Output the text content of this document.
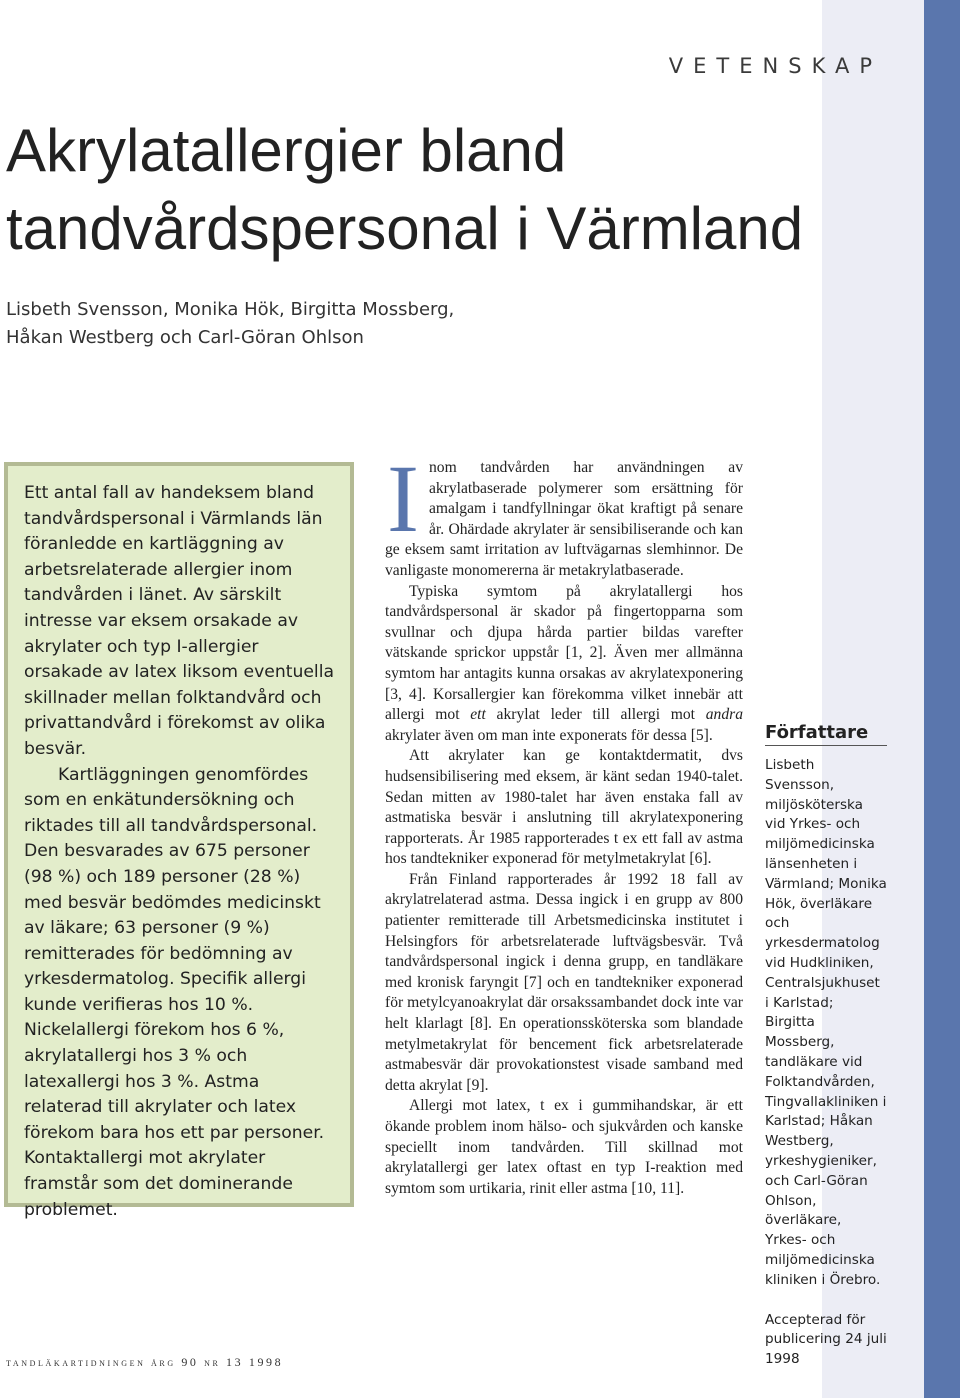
VETENSKAP
Akrylatallergier bland
tandvårdspersonal i Värmland
Lisbeth Svensson, Monika Hök, Birgitta Mossberg,
Håkan Westberg och Carl-Göran Ohlson

Ett antal fall av handeksem bland tandvårdspersonal i Värmlands län föranledde en kartläggning av arbetsrelaterade allergier inom tandvården i länet. Av särskilt intresse var eksem orsakade av akrylater och typ I-allergier orsakade av latex liksom eventuella skillnader mellan folktandvård och privattandvård i förekomst av olika besvär.

Kartläggningen genomfördes som en enkätundersökning och riktades till all tandvårdspersonal. Den besvarades av 675 personer (98 %) och 189 personer (28 %) med besvär bedömdes medicinskt av läkare; 63 personer (9 %) remitterades för bedömning av yrkesdermatolog. Specifik allergi kunde verifieras hos 10 %. Nickelallergi förekom hos 6 %, akrylatallergi hos 3 % och latexallergi hos 3 %. Astma relaterad till akrylater och latex förekom bara hos ett par personer. Kontaktallergi mot akrylater framstår som det dominerande problemet.

Inom tandvården har användningen av akrylatbaserade polymerer som ersättning för amalgam i tandfyllningar ökat kraftigt på senare år. Ohärdade akrylater är sensibiliserande och kan ge eksem samt irritation av luftvägarnas slemhinnor. De vanligaste monomererna är metakrylatbaserade.

Typiska symtom på akrylatallergi hos tandvårdspersonal är skador på fingertopparna som svullnar och djupa hårda partier bildas varefter vätskande sprickor uppstår [1, 2]. Även mer allmänna symtom har antagits kunna orsakas av akrylatexponering [3, 4]. Korsallergier kan förekomma vilket innebär att allergi mot ett akrylat leder till allergi mot andra akrylater även om man inte exponerats för dessa [5].

Att akrylater kan ge kontaktdermatit, dvs hudsensibilisering med eksem, är känt sedan 1940-talet. Sedan mitten av 1980-talet har även enstaka fall av astmatiska besvär i anslutning till akrylatexponering rapporterats. År 1985 rapporterades t ex ett fall av astma hos tandtekniker exponerad för metylmetakrylat [6].

Från Finland rapporterades år 1992 18 fall av akrylatrelaterad astma. Dessa ingick i en grupp av 800 patienter remitterade till Arbetsmedicinska institutet i Helsingfors för arbetsrelaterade luftvägsbesvär. Två tandvårdspersonal ingick i denna grupp, en tandläkare med kronisk faryngit [7] och en tandtekniker exponerad för metylcyanoakrylat där orsakssambandet dock inte var helt klarlagt [8]. En operationssköterska som blandade metylmetakrylat för bencement fick arbetsrelaterade astmabesvär där provokationstest visade samband med detta akrylat [9].

Allergi mot latex, t ex i gummihandskar, är ett ökande problem inom hälso- och sjukvården och kanske speciellt inom tandvården. Till skillnad mot akrylatallergi ger latex oftast en typ I-reaktion med symtom som urtikaria, rinit eller astma [10, 11].

Författare

Lisbeth Svensson, miljösköterska vid Yrkes- och miljömedicinska länsenheten i Värmland; Monika Hök, överläkare och yrkesdermatolog vid Hudkliniken, Centralsjukhuset i Karlstad; Birgitta Mossberg, tandläkare vid Folktandvården, Tingvallakliniken i Karlstad; Håkan Westberg, yrkeshygieniker, och Carl-Göran Ohlson, överläkare, Yrkes- och miljömedicinska kliniken i Örebro.

Accepterad för publicering 24 juli 1998

tandläkartidningen årg 90 nr 13 1998
